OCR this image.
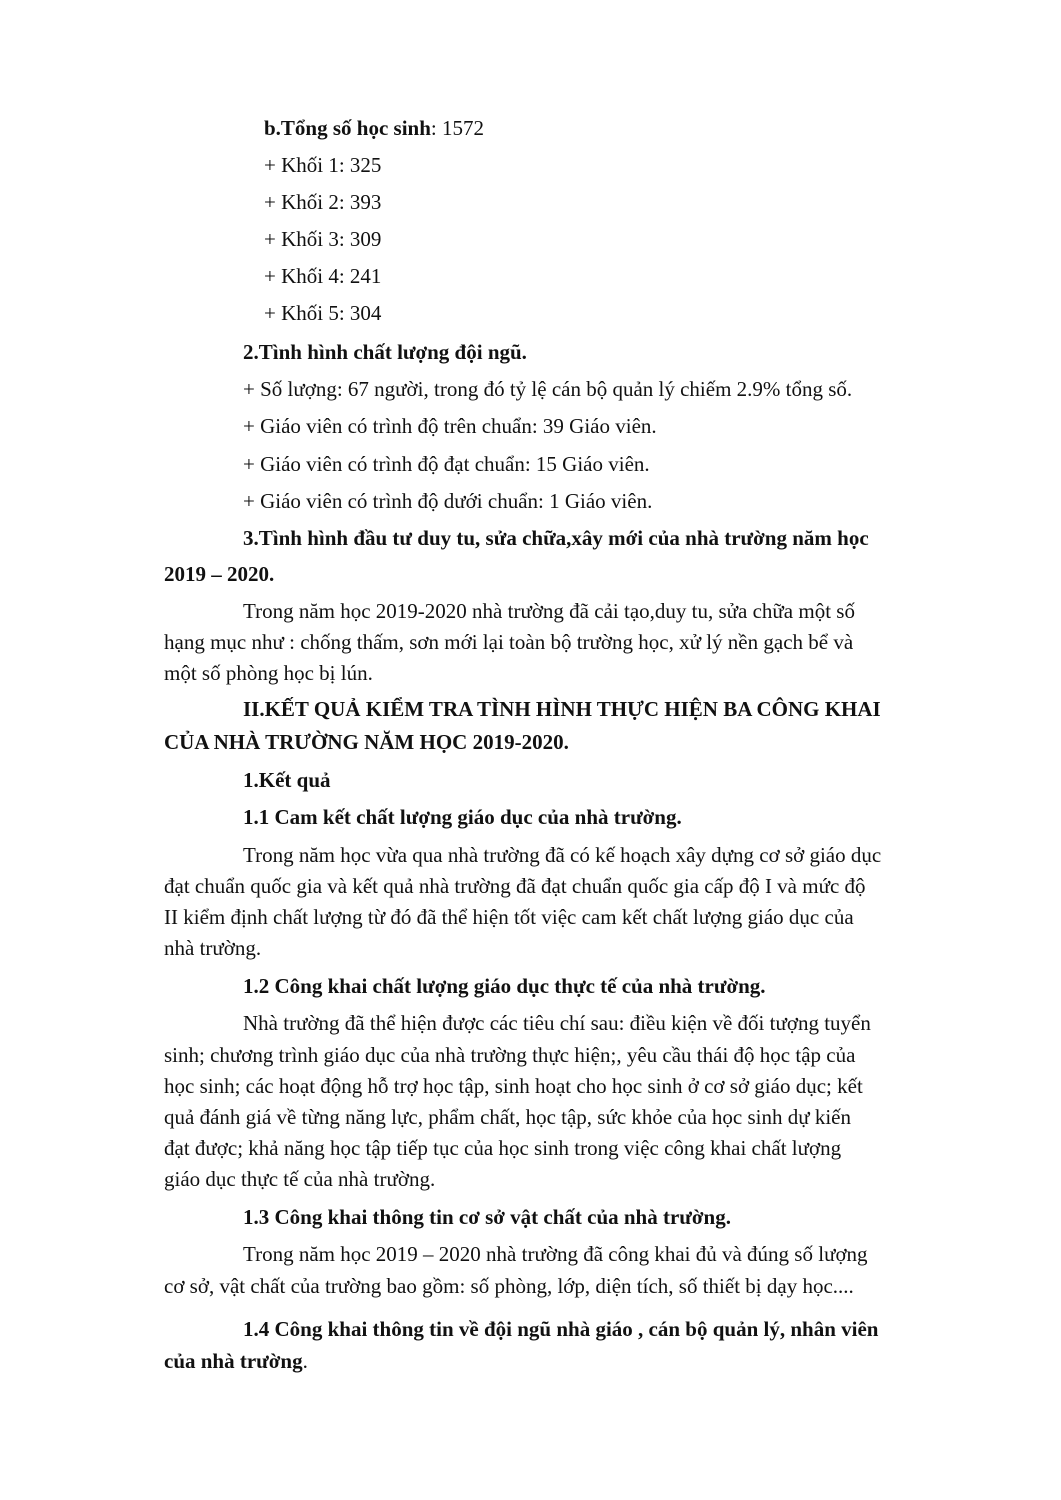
b.Tổng số học sinh: 1572
+ Khối 1: 325
+ Khối 2: 393
+ Khối 3: 309
+ Khối 4: 241
+ Khối 5: 304
2.Tình hình chất lượng đội ngũ.
+ Số lượng: 67 người, trong đó tỷ lệ cán bộ quản lý chiếm 2.9% tổng số.
+ Giáo viên có trình độ trên chuẩn: 39 Giáo viên.
+ Giáo viên có trình độ đạt chuẩn: 15 Giáo viên.
+ Giáo viên có trình độ dưới chuẩn: 1 Giáo viên.
3.Tình hình đầu tư duy tu, sửa chữa,xây mới của nhà trường năm học
2019 – 2020.
Trong năm học 2019-2020 nhà trường đã cải tạo,duy tu, sửa chữa một số
hạng mục như : chống thấm, sơn mới lại toàn bộ trường học, xử lý nền gạch bể và
một số phòng học bị lún.
II.KẾT QUẢ KIỂM TRA TÌNH HÌNH THỰC HIỆN BA CÔNG KHAI
CỦA NHÀ TRƯỜNG NĂM HỌC 2019-2020.
1.Kết quả
1.1 Cam kết chất lượng giáo dục của nhà trường.
Trong năm học vừa qua nhà trường đã có kế hoạch xây dựng cơ sở giáo dục
đạt chuẩn quốc gia và kết quả nhà trường đã đạt chuẩn quốc gia cấp độ I và mức độ
II kiểm định chất lượng từ đó đã thể hiện tốt việc cam kết chất lượng giáo dục của
nhà trường.
1.2 Công khai chất lượng giáo dục thực tế của nhà trường.
Nhà trường đã thể hiện được các tiêu chí sau: điều kiện về đối tượng tuyển
sinh; chương trình giáo dục của nhà trường thực hiện;, yêu cầu thái độ học tập của
học sinh; các hoạt động hỗ trợ học tập, sinh hoạt cho học sinh ở cơ sở giáo dục; kết
quả đánh giá về từng năng lực, phẩm chất, học tập, sức khỏe của học sinh dự kiến
đạt được; khả năng học tập tiếp tục của học sinh trong việc công khai chất lượng
giáo dục thực tế của nhà trường.
1.3 Công khai thông tin cơ sở vật chất của nhà trường.
Trong năm học 2019 – 2020 nhà trường đã công khai đủ và đúng số lượng
cơ sở, vật chất của trường bao gồm: số phòng, lớp, diện tích, số thiết bị dạy học....
1.4 Công khai thông tin về đội ngũ nhà giáo , cán bộ quản lý, nhân viên
của nhà trường.
